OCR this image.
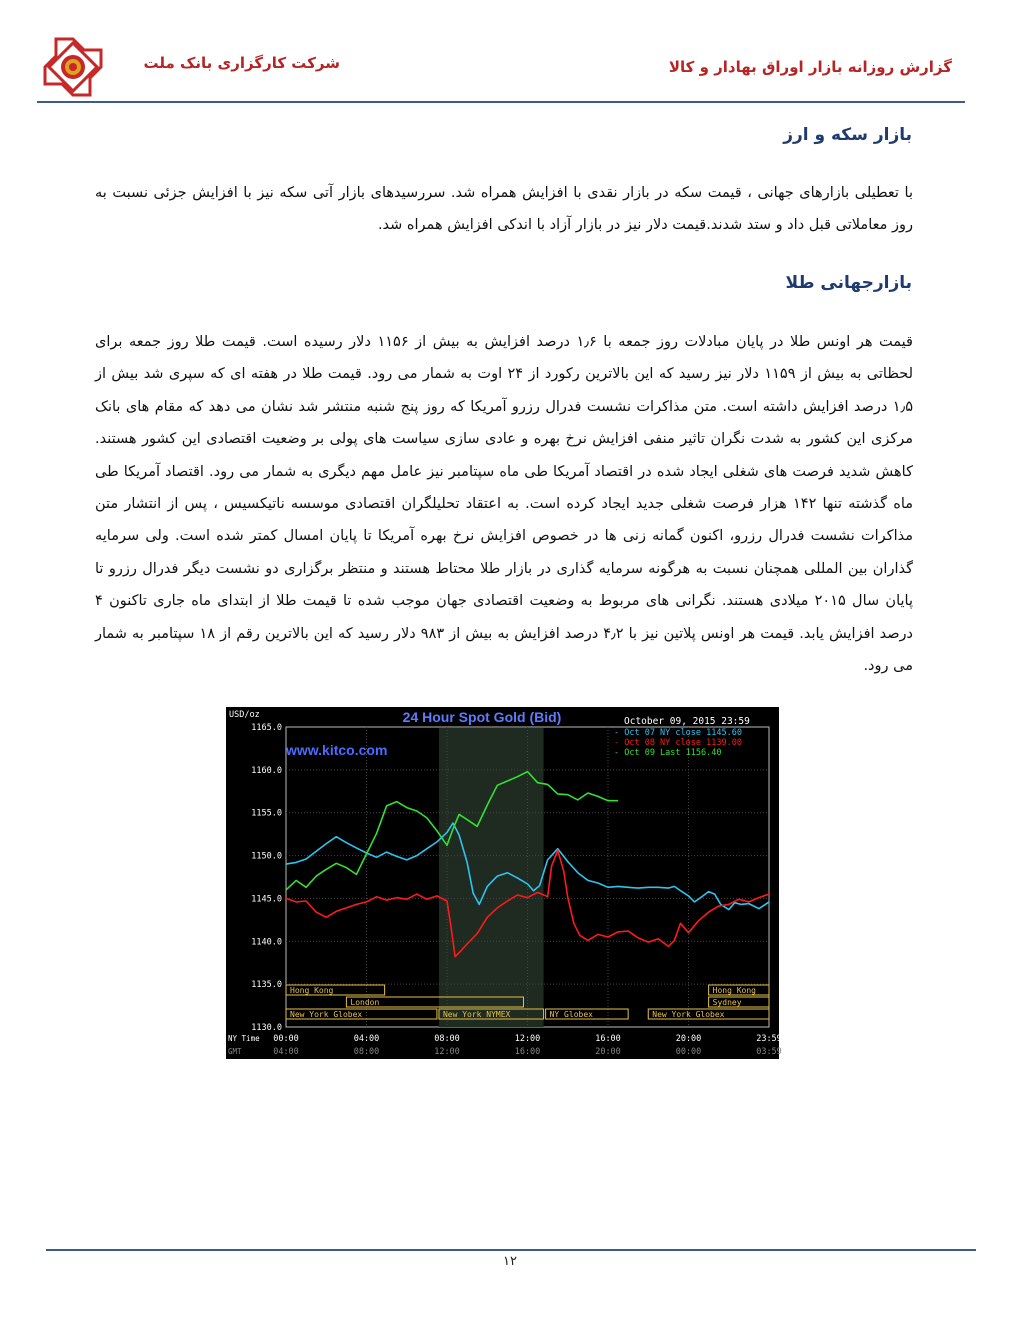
شرکت کارگزاری بانک ملت	گزارش روزانه بازار اوراق بهادار و کالا
بازار سکه و ارز

با تعطیلی بازارهای جهانی ، قیمت سکه در بازار نقدی با افزایش همراه شد. سررسیدهای بازار آتی سکه نیز با افزایش جزئی نسبت به روز معاملاتی قبل داد و ستد شدند.قیمت دلار نیز در بازار آزاد با اندکی افزایش همراه شد.

بازارجهانی طلا

قیمت هر اونس طلا در پایان مبادلات روز جمعه با ۱٫۶ درصد افزایش به بیش از ۱۱۵۶ دلار رسیده است. قیمت طلا روز جمعه برای لحظاتی به بیش از ۱۱۵۹ دلار نیز رسید که این بالاترین رکورد از ۲۴ اوت به شمار می رود. قیمت طلا در هفته ای که سپری شد بیش از ۱٫۵ درصد افزایش داشته است. متن مذاکرات نشست فدرال رزرو آمریکا که روز پنج شنبه منتشر شد نشان می دهد که مقام های بانک مرکزی این کشور به شدت نگران تاثیر منفی افزایش نرخ بهره و عادی سازی سیاست های پولی بر وضعیت اقتصادی این کشور هستند. کاهش شدید فرصت های شغلی ایجاد شده در اقتصاد آمریکا طی ماه سپتامبر نیز عامل مهم دیگری به شمار می رود. اقتصاد آمریکا طی ماه گذشته تنها ۱۴۲ هزار فرصت شغلی جدید ایجاد کرده است. به اعتقاد تحلیلگران اقتصادی موسسه ناتیکسیس ، پس از انتشار متن مذاکرات نشست فدرال رزرو، اکنون گمانه زنی ها در خصوص افزایش نرخ بهره آمریکا تا پایان امسال کمتر شده است. ولی سرمایه گذاران بین المللی همچنان نسبت به هرگونه سرمایه گذاری در بازار طلا محتاط هستند و منتظر برگزاری دو نشست دیگر فدرال رزرو تا پایان سال ۲۰۱۵ میلادی هستند. نگرانی های مربوط به وضعیت اقتصادی جهان موجب شده تا قیمت طلا از ابتدای ماه جاری تاکنون ۴ درصد افزایش یابد. قیمت هر اونس پلاتین نیز با ۴٫۲ درصد افزایش به بیش از ۹۸۳ دلار رسید که این بالاترین رقم از ۱۸ سپتامبر به شمار می رود.

1165.0
1160.0
1155.0
1150.0
1145.0
1140.0
1135.0
1130.0
Hong Kong
London
New York Globex	New York NYMEX	NY Globex
Hong Kong
Sydney
New York Globex
00:00	04:00	08:00	12:00	16:00	20:00	23:59
04:00	08:00	12:00	16:00	20:00	00:00	03:59
NY Time
GMT
24 Hour Spot Gold (Bid)
www.kitco.com
October 09, 2015 23:59
USD/oz
- Oct 07 NY close 1145.60
- Oct 08 NY close 1139.00
- Oct 09 Last 1156.40
۱۲
